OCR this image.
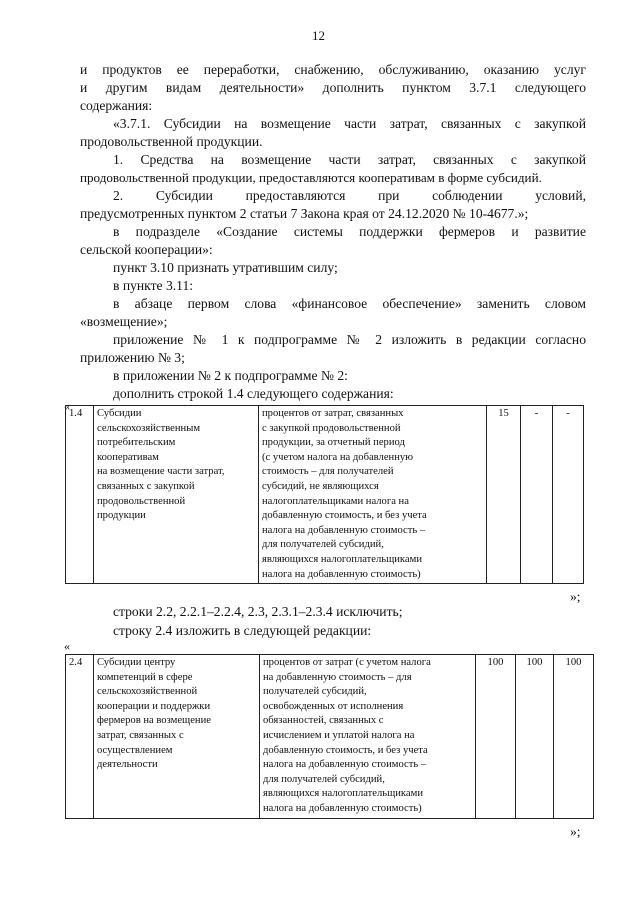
12
и продуктов ее переработки, снабжению, обслуживанию, оказанию услуг
и другим видам деятельности» дополнить пунктом 3.7.1 следующего
содержания:
«3.7.1. Субсидии на возмещение части затрат, связанных с закупкой
продовольственной продукции.
1. Средства на возмещение части затрат, связанных с закупкой
продовольственной продукции, предоставляются кооперативам в форме субсидий.
2. Субсидии предоставляются при соблюдении условий,
предусмотренных пунктом 2 статьи 7 Закона края от 24.12.2020 № 10-4677.»;
в подразделе «Создание системы поддержки фермеров и развитие
сельской кооперации»:
пункт 3.10 признать утратившим силу;
в пункте 3.11:
в абзаце первом слова «финансовое обеспечение» заменить словом
«возмещение»;
приложение № 1 к подпрограмме № 2 изложить в редакции согласно
приложению № 3;
в приложении № 2 к подпрограмме № 2:
дополнить строкой 1.4 следующего содержания:
«
1.4	Субсидии
сельскохозяйственным
потребительским
кооперативам
на возмещение части затрат,
связанных с закупкой
продовольственной
продукции

процентов от затрат, связанных
с закупкой продовольственной
продукции, за отчетный период
(с учетом налога на добавленную
стоимость – для получателей
субсидий, не являющихся
налогоплательщиками налога на
добавленную стоимость, и без учета
налога на добавленную стоимость –
для получателей субсидий,
являющихся налогоплательщиками
налога на добавленную стоимость)
	15	-	-
»;
строки 2.2, 2.2.1–2.2.4, 2.3, 2.3.1–2.3.4 исключить;
строку 2.4 изложить в следующей редакции:
«
2.4	Субсидии центру
компетенций в сфере
сельскохозяйственной
кооперации и поддержки
фермеров на возмещение
затрат, связанных с
осуществлением
деятельности

процентов от затрат (с учетом налога
на добавленную стоимость – для
получателей субсидий,
освобожденных от исполнения
обязанностей, связанных с
исчислением и уплатой налога на
добавленную стоимость, и без учета
налога на добавленную стоимость –
для получателей субсидий,
являющихся налогоплательщиками
налога на добавленную стоимость)
	100	100	100
»;
